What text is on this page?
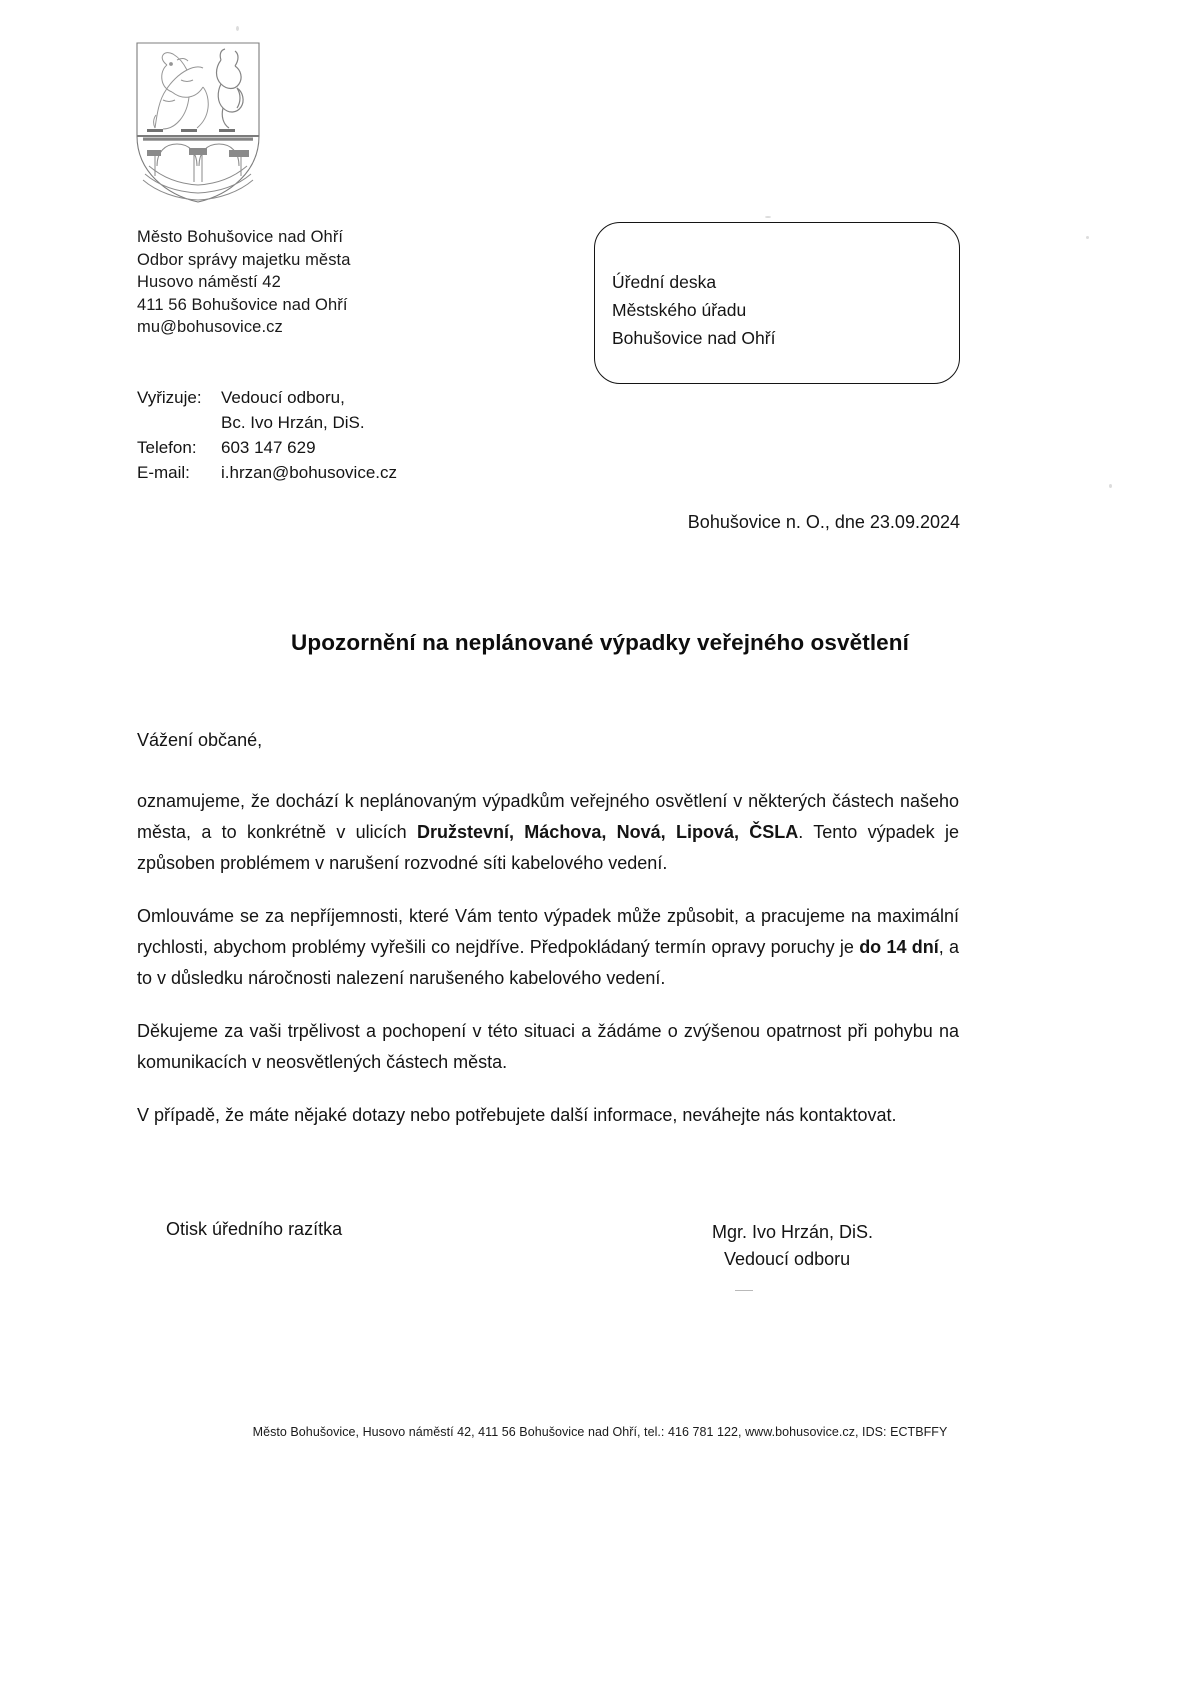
Město Bohušovice nad Ohří
Odbor správy majetku města
Husovo náměstí 42
411 56 Bohušovice nad Ohří
mu@bohusovice.cz
Úřední deska
Městského úřadu
Bohušovice nad Ohří
Vyřizuje:	Vedoucí odboru,
Bc. Ivo Hrzán, DiS.
Telefon:	603 147 629
E-mail:	i.hrzan@bohusovice.cz
Bohušovice n. O., dne 23.09.2024
Upozornění na neplánované výpadky veřejného osvětlení

Vážení občané,

oznamujeme, že dochází k neplánovaným výpadkům veřejného osvětlení v některých částech našeho města, a to konkrétně v ulicích Družstevní, Máchova, Nová, Lipová, ČSLA. Tento výpadek je způsoben problémem v narušení rozvodné síti kabelového vedení.

Omlouváme se za nepříjemnosti, které Vám tento výpadek může způsobit, a pracujeme na maximální rychlosti, abychom problémy vyřešili co nejdříve. Předpokládaný termín opravy poruchy je do 14 dní, a to v důsledku náročnosti nalezení narušeného kabelového vedení.

Děkujeme za vaši trpělivost a pochopení v této situaci a žádáme o zvýšenou opatrnost při pohybu na komunikacích v neosvětlených částech města.

V případě, že máte nějaké dotazy nebo potřebujete další informace, neváhejte nás kontaktovat.

Otisk úředního razítka	Mgr. Ivo Hrzán, DiS.
Vedoucí odboru
Město Bohušovice, Husovo náměstí 42, 411 56 Bohušovice nad Ohří, tel.: 416 781 122, www.bohusovice.cz, IDS: ECTBFFY
